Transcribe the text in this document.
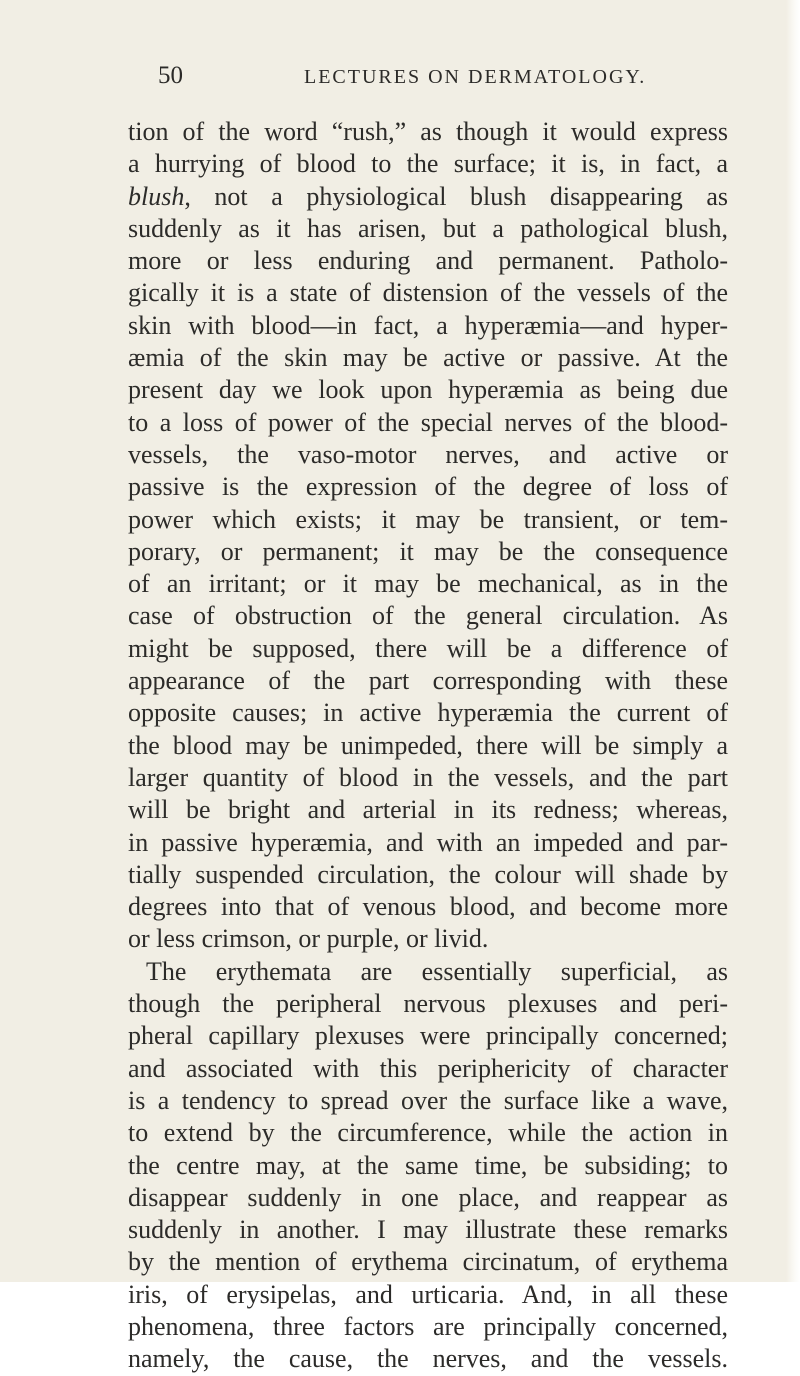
50	LECTURES ON DERMATOLOGY.
tion of the word “rush,” as though it would express
a hurrying of blood to the surface; it is, in fact, a
blush, not a physiological blush disappearing as
suddenly as it has arisen, but a pathological blush,
more or less enduring and permanent. Patholo-
gically it is a state of distension of the vessels of the
skin with blood—in fact, a hyperæmia—and hyper-
æmia of the skin may be active or passive. At the
present day we look upon hyperæmia as being due
to a loss of power of the special nerves of the blood-
vessels, the vaso-motor nerves, and active or
passive is the expression of the degree of loss of
power which exists; it may be transient, or tem-
porary, or permanent; it may be the consequence
of an irritant; or it may be mechanical, as in the
case of obstruction of the general circulation. As
might be supposed, there will be a difference of
appearance of the part corresponding with these
opposite causes; in active hyperæmia the current of
the blood may be unimpeded, there will be simply a
larger quantity of blood in the vessels, and the part
will be bright and arterial in its redness; whereas,
in passive hyperæmia, and with an impeded and par-
tially suspended circulation, the colour will shade by
degrees into that of venous blood, and become more
or less crimson, or purple, or livid.
The erythemata are essentially superficial, as
though the peripheral nervous plexuses and peri-
pheral capillary plexuses were principally concerned;
and associated with this periphericity of character
is a tendency to spread over the surface like a wave,
to extend by the circumference, while the action in
the centre may, at the same time, be subsiding; to
disappear suddenly in one place, and reappear as
suddenly in another. I may illustrate these remarks
by the mention of erythema circinatum, of erythema
iris, of erysipelas, and urticaria. And, in all these
phenomena, three factors are principally concerned,
namely, the cause, the nerves, and the vessels.
